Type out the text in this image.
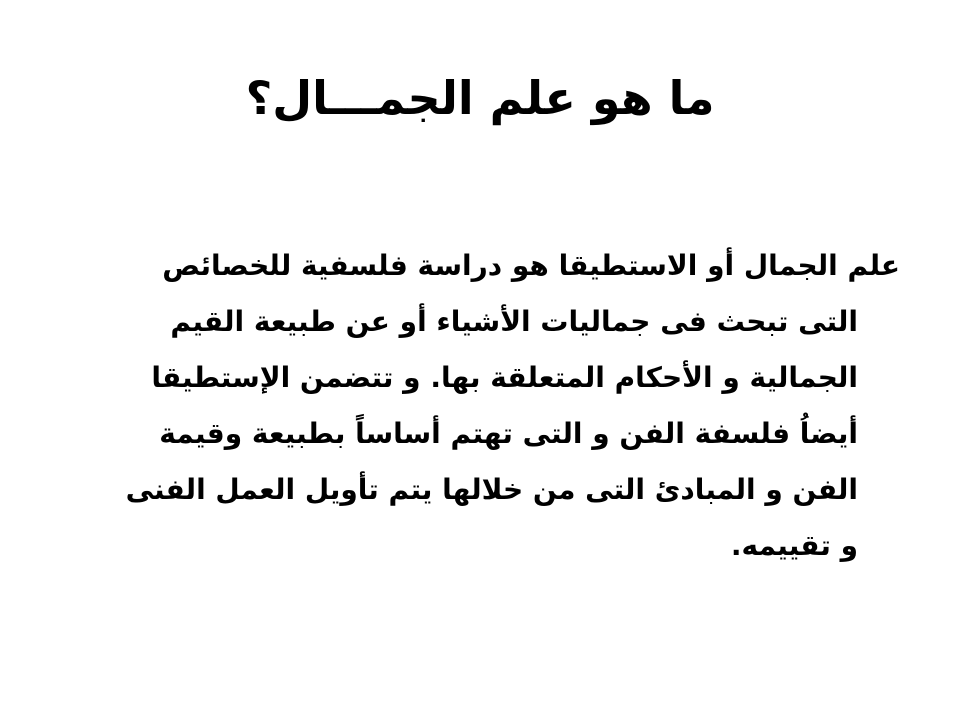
ما هو علم الجمـــال؟
علم الجمال أو الاستطيقا هو دراسة فلسفية للخصائص
التى تبحث فى جماليات الأشياء أو عن طبيعة القيم
الجمالية و الأحكام المتعلقة بها. و تتضمن الإستطيقا
أيضاُ فلسفة الفن و التى تهتم أساساً بطبيعة وقيمة
الفن و المبادئ التى من خلالها يتم تأويل العمل الفنى
و تقييمه.
